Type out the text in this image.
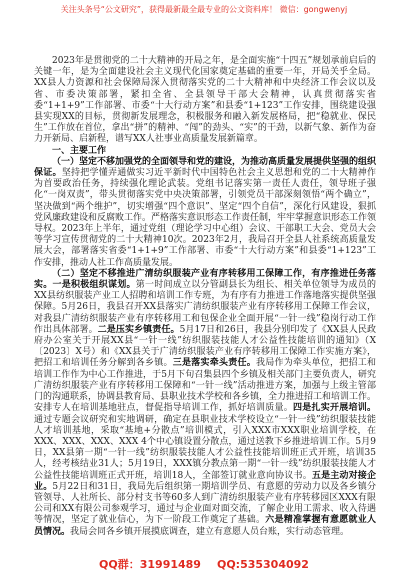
关注头条号“公文研究”，获得最新最全最专业的公文资料库！ 微信：gongwenyj

2023年是贯彻党的二十大精神的开局之年，是全面实施“十四五”规划承前启后的关键一年，是为全面建设社会主义现代化国家奠定基础的重要一年，开局关乎全局。XX县人力资源和社会保障局深入贯彻落实党的二十大精神和中央经济工作会议以及省、市委决策部署，紧扣全省、全县领导干部大会精神，认真贯彻落实省委“1+1+9”工作部署、市委“十大行动方案”和县委“1+123”工作安排，围绕建设强县实现XX的目标，贯彻新发展理念，积极服务和融入新发展格局，把“稳就业、保民生”工作放在首位，拿出“拼”的精神、“闯”的劲头、“实”的干劲，以新气象、新作为奋力开新局、启新程，谱写XX人社事业高质量发展新篇章。

一、主要工作

（一）坚定不移加强党的全面领导和党的建设，为推动高质量发展提供坚强的组织保证。坚持把学懂弄通做实习近平新时代中国特色社会主义思想和党的二十大精神作为首要政治任务，持续强化理论武装。党组书记落实第一责任人责任，领导班子强化“一岗双责”，带头贯彻落实党中央决策部署，引领党员干部深刻领悟“两个确立”，坚决做到“两个维护”，切实增强“四个意识”、坚定“四个自信”，深化行风建设，狠抓党风廉政建设和反腐败工作。严格落实意识形态工作责任制，牢牢掌握意识形态工作领导权。2023年上半年，通过党组（理论学习中心组）会议、干部职工大会、党员大会等学习宣传贯彻党的二十大精神10次。2023年2月，我局召开全县人社系统高质量发展大会，部署落实省委“1+1+9”工作部署、市委“十大行动方案”和县委“1+123”工作安排，推动人社工作高质量发展。

（二）坚定不移推进广清纺织服装产业有序转移用工保障工作，有序推进任务落实。一是积极组织谋划。第一时间成立以分管副县长为组长、相关单位领导为成员的XX县纺织服装产业工人招聘和培训工作专班，为有序有力推进工作落地落实提供坚强保障。5月26日，我县召开XX县落实广清纺织服装产业有序转移用工保障工作会议，对我县广清纺织服装产业有序转移用工和包保企业全面开展“一针一线”稳岗行动工作作出具体部署。二是压实乡镇责任。5月17日和26日，我县分别印发了《XX县人民政府办公室关于开展XX县“一针一线”纺织服装技能人才公益性技能培训的通知》（X〔2023〕X号）和《XX县关于广清纺织服装产业有序转移用工保障工作实施方案》，把招工和培训任务分解到各乡镇。三是落实牵头责任。我局作为牵头单位，把招工和培训工作作为中心工作推进，于5月下旬召集县四个乡镇及相关部门主要负责人，研究广清纺织服装产业有序转移用工保障和“一针一线”活动推进方案，加强与上级主管部门的沟通联系，协调县教育局、县职业技术学校和各乡镇，全力推进招工和培训工作。安排专人在培训基地驻点，督促指导培训工作，抓好培训质量。四是扎实开展培训。通过专题会议研究和实地调研，确定在县职业技术学校设立“一针一线”纺织服装技能人才培训基地，采取“基地+分散点”培训模式，引入XXX市XXX职业培训学校，在XXX、XXX、XXX、XXX 4个中心镇设置分散点，通过送教下乡推进培训工作。5月9日，XX县第一期“一针一线”纺织服装技能人才公益性技能培训班正式开班，培训35人，经考核结业31人；5月19日，XXX镇分教点第一期“一针一线”纺织服装技能人才公益性技能培训班正式开班，培训18人，全部签订就业意向协议书。五是主动对接企业。5月22日和31日，我局先后组织第一期培训学员、有意愿的劳动力以及各乡镇分管领导、人社所长、部分村支书等60多人到广清纺织服装产业有序转移园区XXX有限公司和XX有限公司参观学习，通过与企业面对面交流，了解企业用工需求、收入待遇等情况，坚定了就业信心，为下一阶段工作奠定了基础。六是精准掌握有意愿就业人员情况。我局会同各乡镇开展摸底调查，建立有意愿人员台账，实行动态管理。

QQ群：31991489 QQ:535304092
